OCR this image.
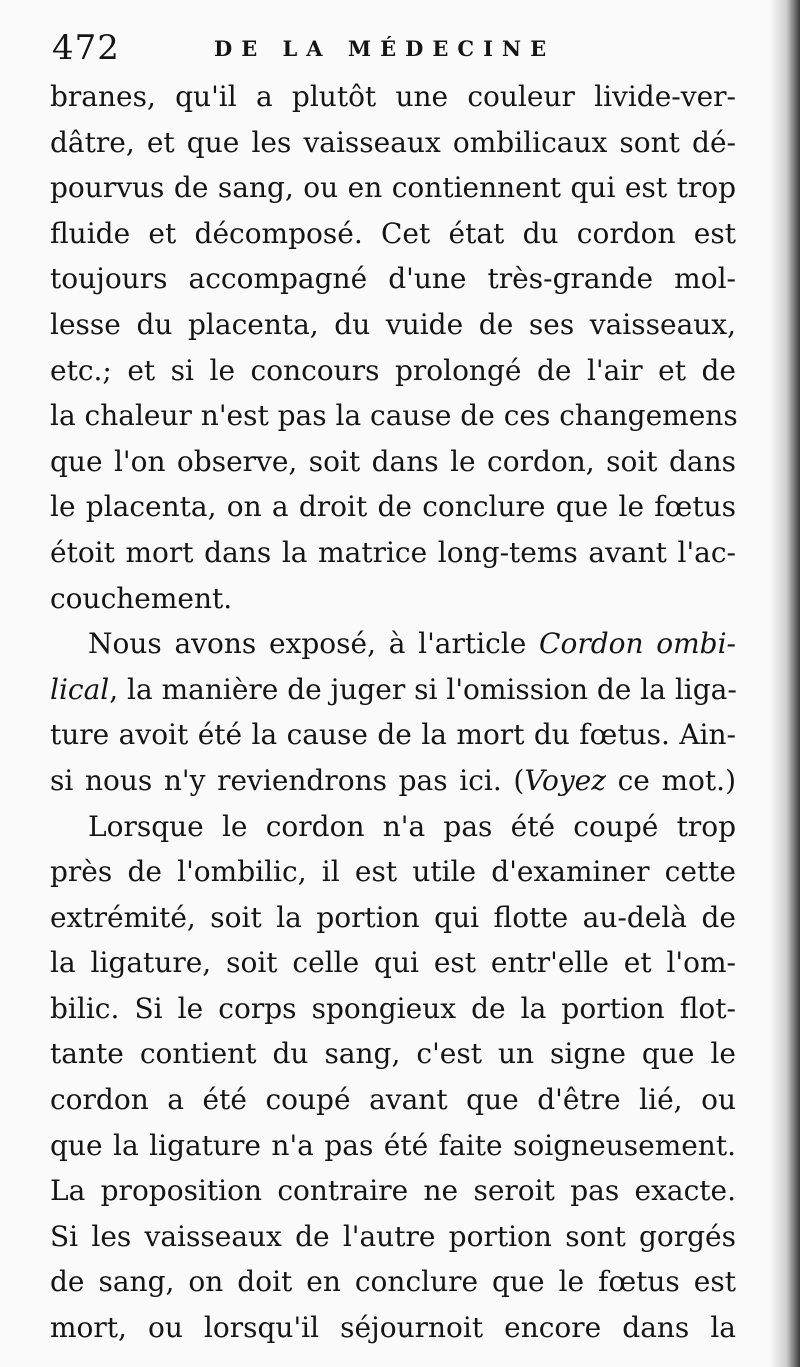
472	DE LA MÉDECINE
branes, qu'il a plutôt une couleur livide-ver-
dâtre, et que les vaisseaux ombilicaux sont dé-
pourvus de sang, ou en contiennent qui est trop
fluide et décomposé. Cet état du cordon est
toujours accompagné d'une très-grande mol-
lesse du placenta, du vuide de ses vaisseaux,
etc.; et si le concours prolongé de l'air et de
la chaleur n'est pas la cause de ces changemens
que l'on observe, soit dans le cordon, soit dans
le placenta, on a droit de conclure que le fœtus
étoit mort dans la matrice long-tems avant l'ac-
couchement.
Nous avons exposé, à l'article Cordon ombi-
lical, la manière de juger si l'omission de la liga-
ture avoit été la cause de la mort du fœtus. Ain-
si nous n'y reviendrons pas ici. (Voyez ce mot.)
Lorsque le cordon n'a pas été coupé trop
près de l'ombilic, il est utile d'examiner cette
extrémité, soit la portion qui flotte au-delà de
la ligature, soit celle qui est entr'elle et l'om-
bilic. Si le corps spongieux de la portion flot-
tante contient du sang, c'est un signe que le
cordon a été coupé avant que d'être lié, ou
que la ligature n'a pas été faite soigneusement.
La proposition contraire ne seroit pas exacte.
Si les vaisseaux de l'autre portion sont gorgés
de sang, on doit en conclure que le fœtus est
mort, ou lorsqu'il séjournoit encore dans la
